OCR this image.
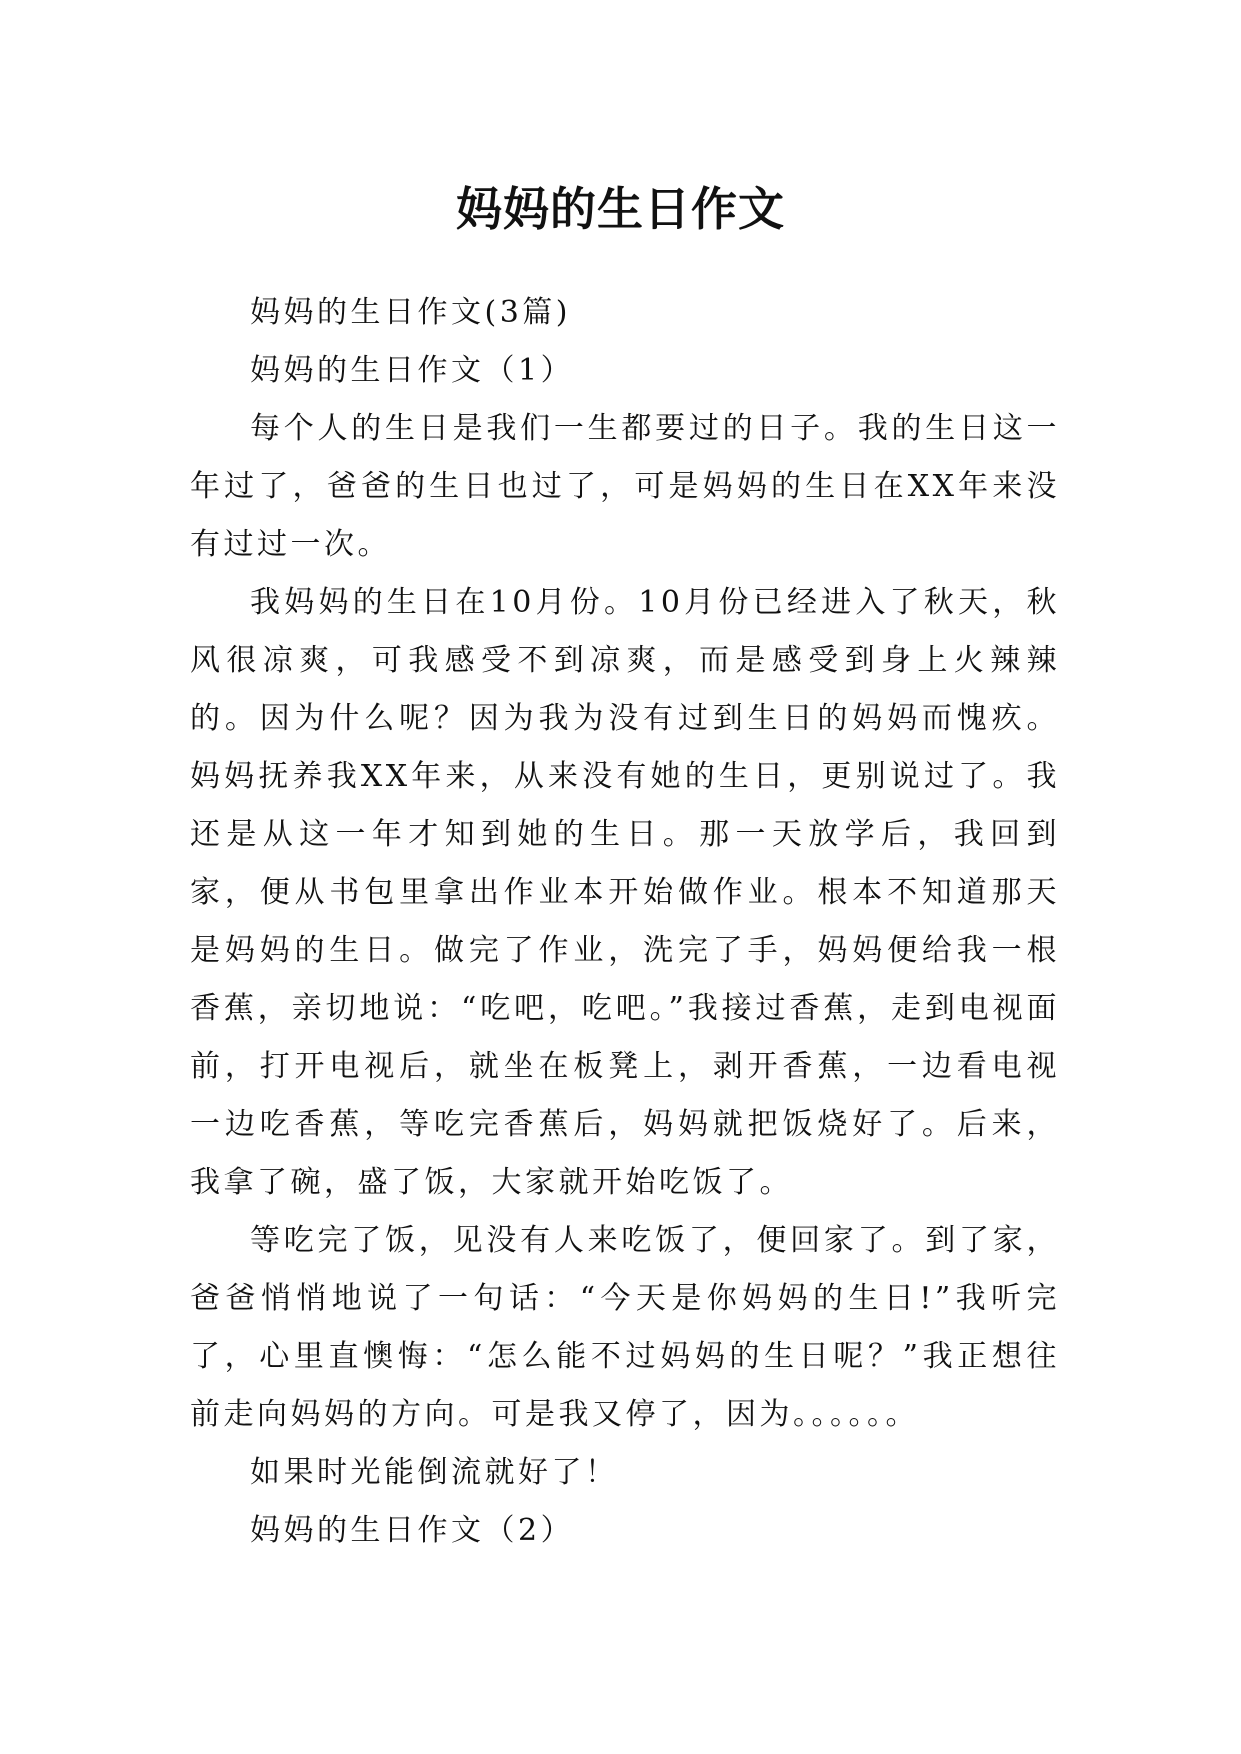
妈妈的生日作文

妈妈的生日作文(3篇)

妈妈的生日作文（1）

每个人的生日是我们一生都要过的日子。我的生日这一年过了，爸爸的生日也过了，可是妈妈的生日在XX年来没有过过一次。

我妈妈的生日在10月份。10月份已经进入了秋天，秋风很凉爽，可我感受不到凉爽，而是感受到身上火辣辣的。因为什么呢？因为我为没有过到生日的妈妈而愧疚。妈妈抚养我XX年来，从来没有她的生日，更别说过了。我还是从这一年才知到她的生日。那一天放学后，我回到家，便从书包里拿出作业本开始做作业。根本不知道那天是妈妈的生日。做完了作业，洗完了手，妈妈便给我一根香蕉，亲切地说：“吃吧，吃吧。”我接过香蕉，走到电视面前，打开电视后，就坐在板凳上，剥开香蕉，一边看电视一边吃香蕉，等吃完香蕉后，妈妈就把饭烧好了。后来，我拿了碗，盛了饭，大家就开始吃饭了。

等吃完了饭，见没有人来吃饭了，便回家了。到了家，爸爸悄悄地说了一句话：“今天是你妈妈的生日!”我听完了，心里直懊悔：“怎么能不过妈妈的生日呢？”我正想往前走向妈妈的方向。可是我又停了，因为。。。。。。

如果时光能倒流就好了！

妈妈的生日作文（2）
